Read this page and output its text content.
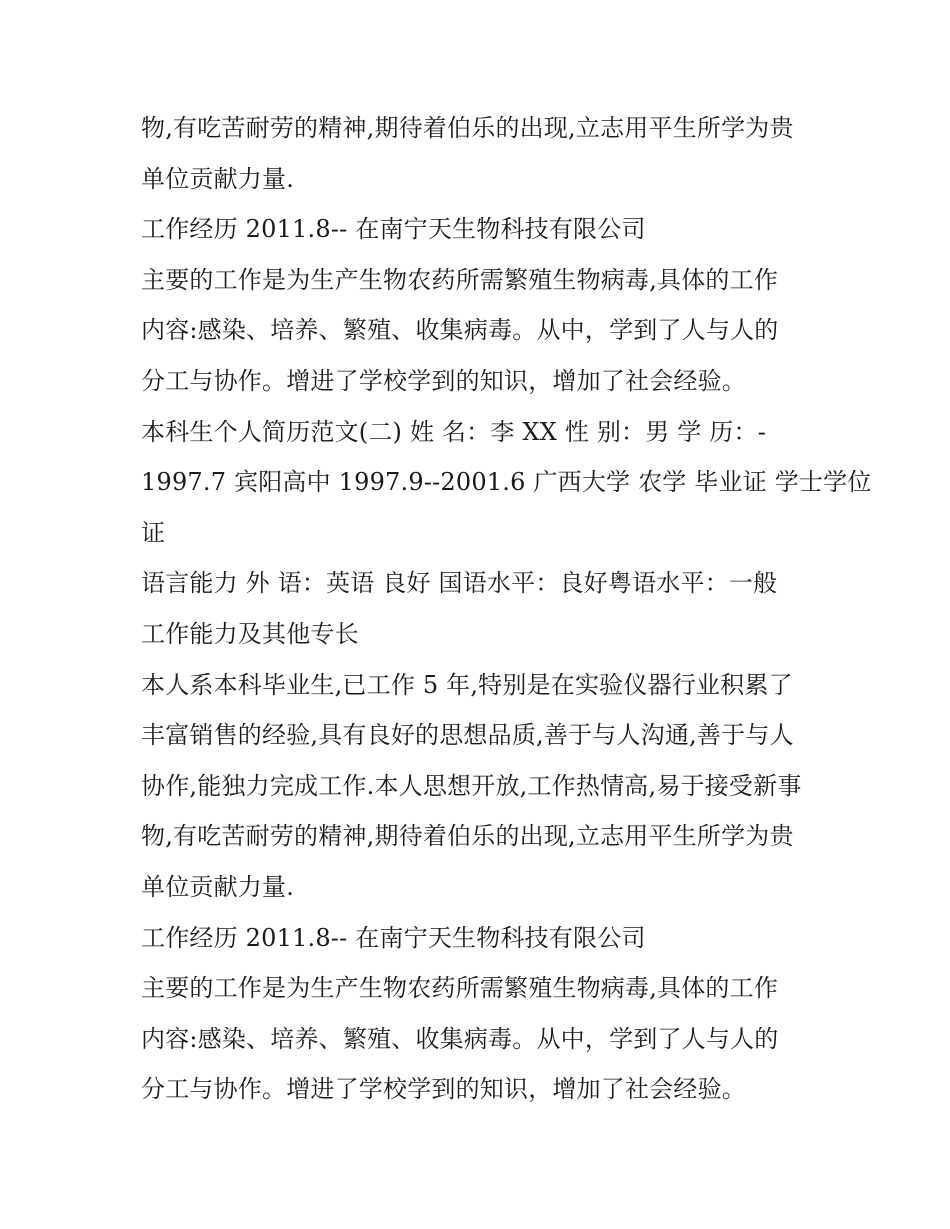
物,有吃苦耐劳的精神,期待着伯乐的出现,立志用平生所学为贵
单位贡献力量.
工作经历 2011.8-- 在南宁天生物科技有限公司
主要的工作是为生产生物农药所需繁殖生物病毒,具体的工作
内容:感染、培养、繁殖、收集病毒。从中，学到了人与人的
分工与协作。增进了学校学到的知识，增加了社会经验。
本科生个人简历范文(二) 姓 名：李 XX 性 别：男 学 历：-
1997.7 宾阳高中 1997.9--2001.6 广西大学 农学 毕业证 学士学位
证
语言能力 外 语：英语 良好 国语水平：良好粤语水平：一般
工作能力及其他专长
本人系本科毕业生,已工作 5 年,特别是在实验仪器行业积累了
丰富销售的经验,具有良好的思想品质,善于与人沟通,善于与人
协作,能独力完成工作.本人思想开放,工作热情高,易于接受新事
物,有吃苦耐劳的精神,期待着伯乐的出现,立志用平生所学为贵
单位贡献力量.
工作经历 2011.8-- 在南宁天生物科技有限公司
主要的工作是为生产生物农药所需繁殖生物病毒,具体的工作
内容:感染、培养、繁殖、收集病毒。从中，学到了人与人的
分工与协作。增进了学校学到的知识，增加了社会经验。
